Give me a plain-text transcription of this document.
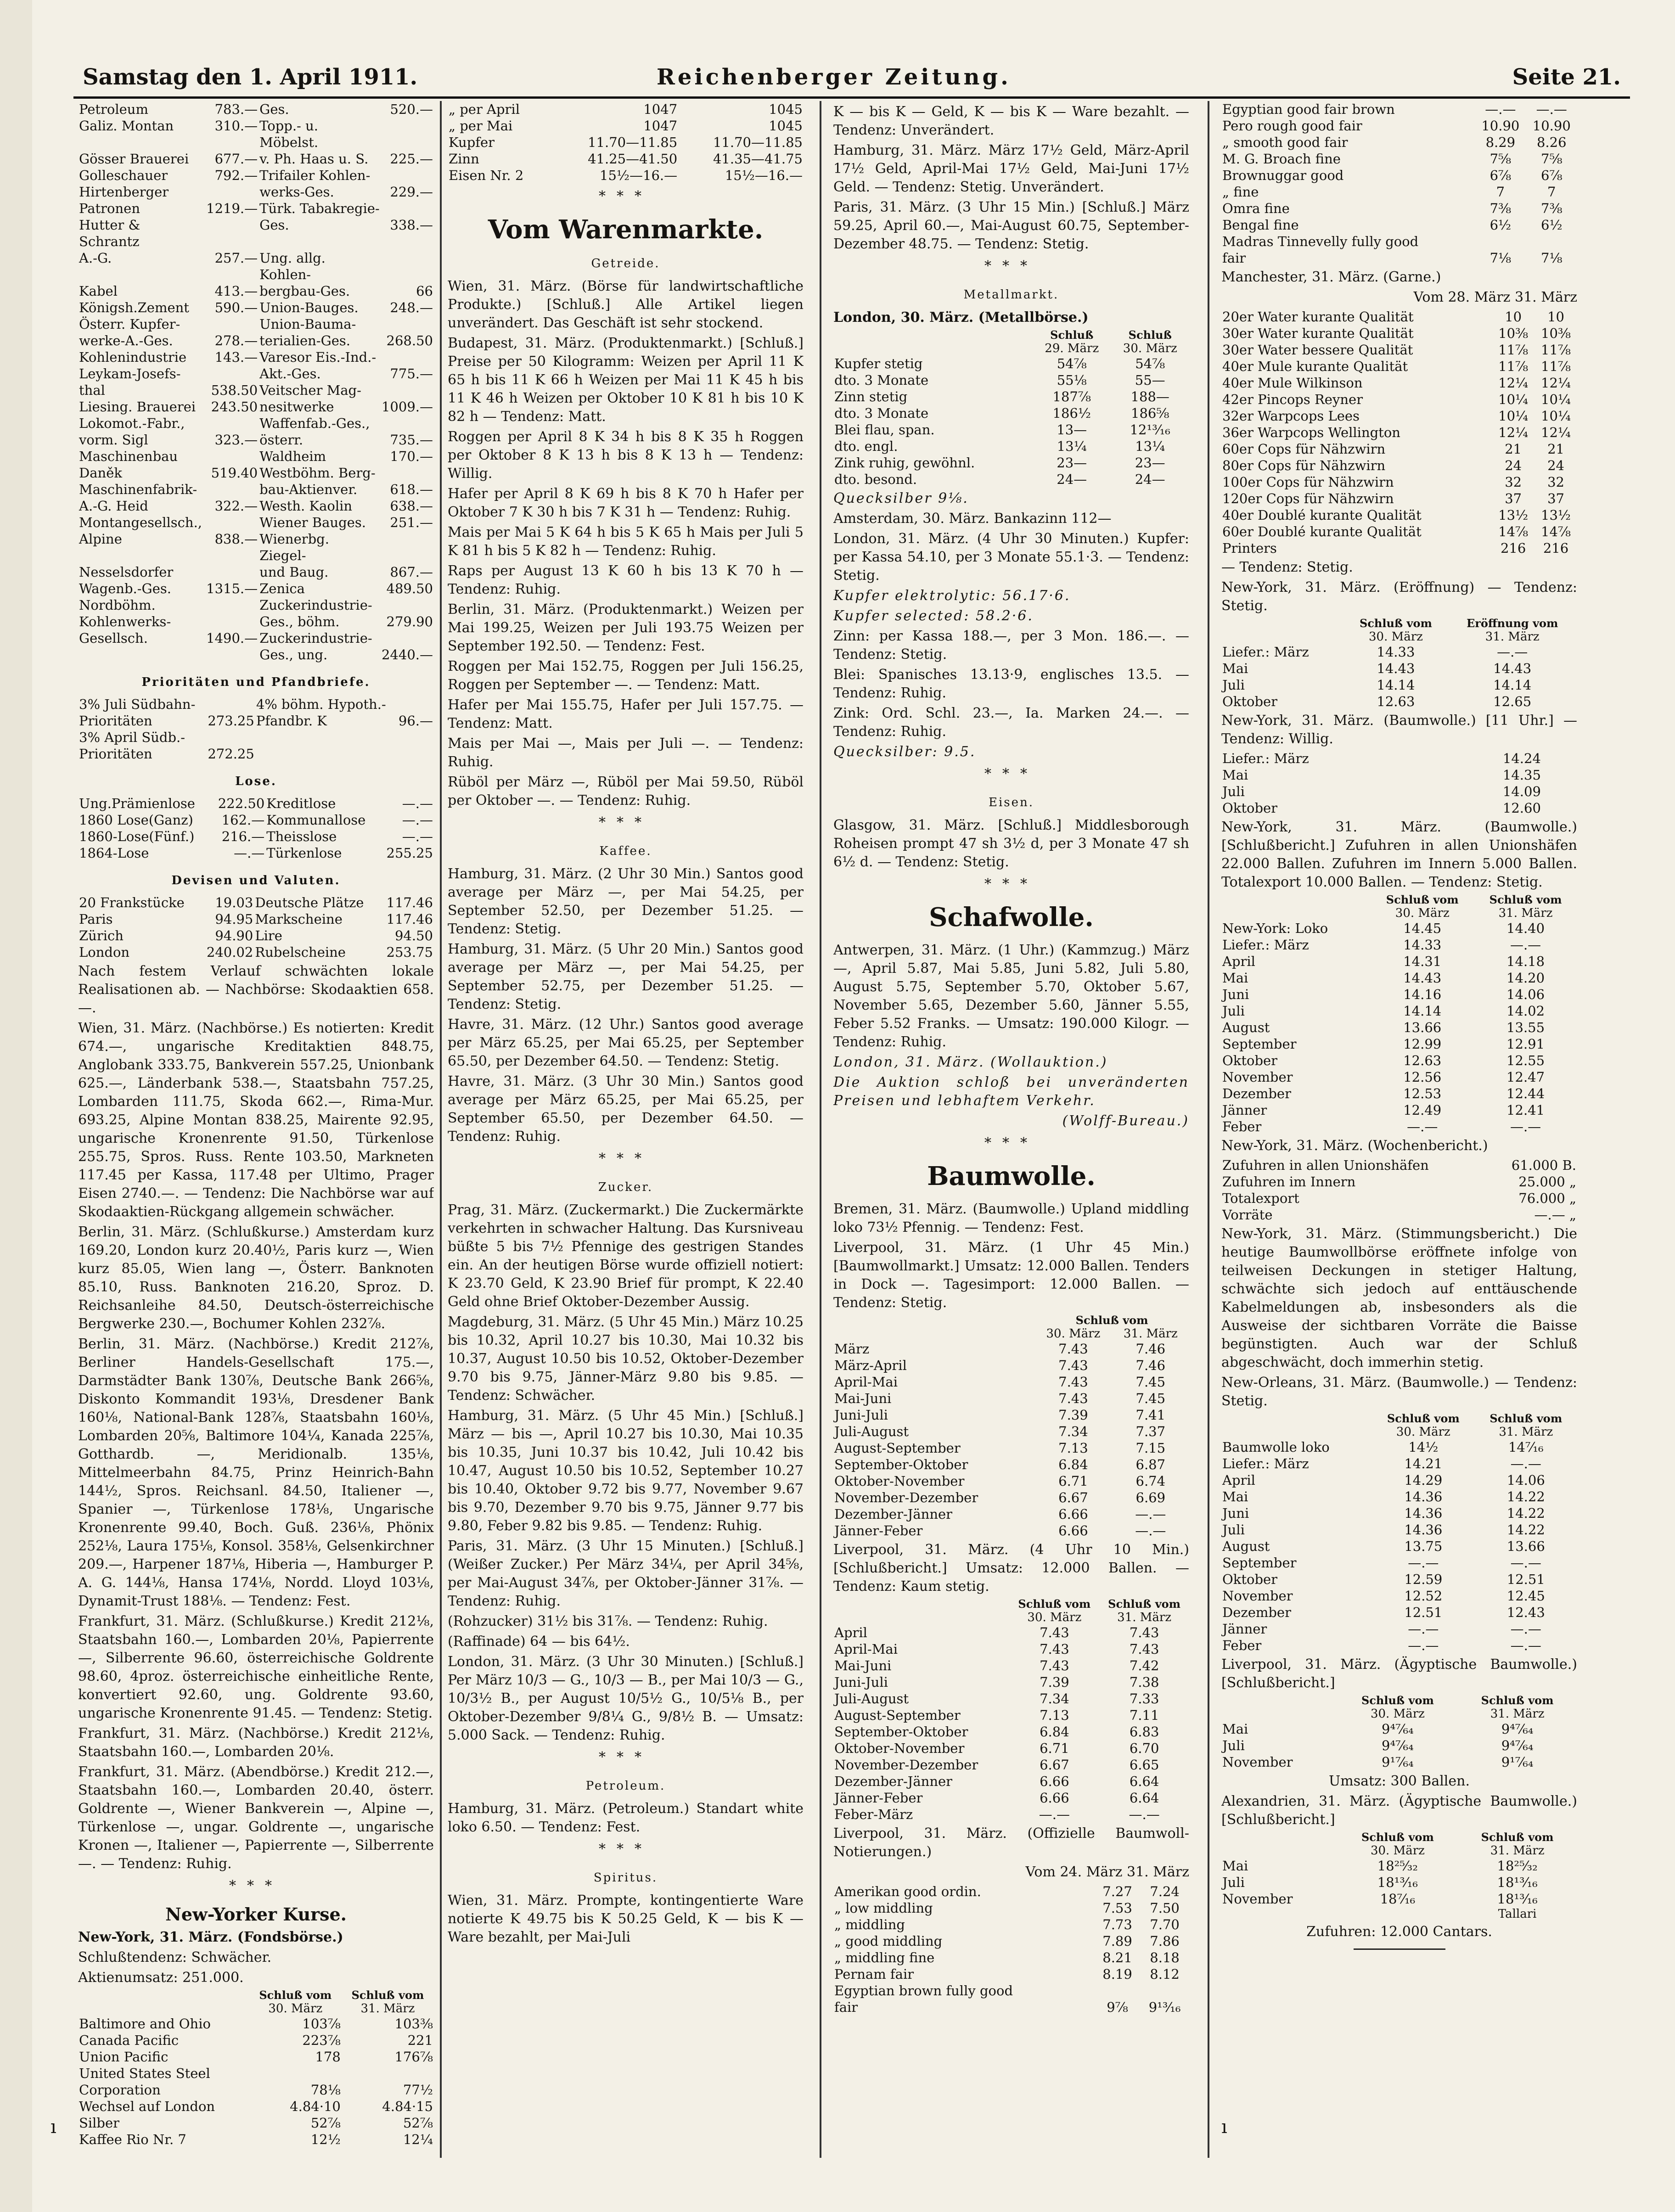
Samstag den 1. April 1911.	Reichenberger Zeitung.	Seite 21.
Petroleum	783.—	Ges.	520.—
Galiz. Montan	310.—	Topp.- u. Möbelst.	
Gösser Brauerei	677.—	v. Ph. Haas u. S.	225.—
Golleschauer	792.—	Trifailer Kohlen-	
Hirtenberger		werks-Ges.	229.—
Patronen	1219.—	Türk. Tabakregie-	
Hutter & Schrantz		Ges.	338.—
A.-G.	257.—	Ung. allg. Kohlen-	
Kabel	413.—	bergbau-Ges.	66
Königsh.Zement	590.—	Union-Bauges.	248.—
Österr. Kupfer-		Union-Bauma-	
werke-A.-Ges.	278.—	terialien-Ges.	268.50
Kohlenindustrie	143.—	Varesor Eis.-Ind.-	
Leykam-Josefs-		Akt.-Ges.	775.—
thal	538.50	Veitscher Mag-	
Liesing. Brauerei	243.50	nesitwerke	1009.—
Lokomot.-Fabr.,		Waffenfab.-Ges.,	
vorm. Sigl	323.—	österr.	735.—
Maschinenbau		Waldheim	170.—
Daněk	519.40	Westböhm. Berg-	
Maschinenfabrik-		bau-Aktienver.	618.—
A.-G. Heid	322.—	Westh. Kaolin	638.—
Montangesellsch.,		Wiener Bauges.	251.—
Alpine	838.—	Wienerbg. Ziegel-	
Nesselsdorfer		und Baug.	867.—
Wagenb.-Ges.	1315.—	Zenica	489.50
Nordböhm.		Zuckerindustrie-	
Kohlenwerks-		Ges., böhm.	279.90
Gesellsch.	1490.—	Zuckerindustrie-	
		Ges., ung.	2440.—
Prioritäten und Pfandbriefe.
3% Juli Südbahn-		4% böhm. Hypoth.-	
Prioritäten	273.25	Pfandbr. K	96.—
3% April Südb.-			
Prioritäten	272.25		
Lose.
Ung.Prämienlose	222.50	Kreditlose	—.—
1860 Lose(Ganz)	162.—	Kommunallose	—.—
1860-Lose(Fünf.)	216.—	Theisslose	—.—
1864-Lose	—.—	Türkenlose	255.25
Devisen und Valuten.
20 Frankstücke	19.03	Deutsche Plätze	117.46
Paris	94.95	Markscheine	117.46
Zürich	94.90	Lire	94.50
London	240.02	Rubelscheine	253.75
Nach festem Verlauf schwächten lokale Realisationen ab. — Nachbörse: Skodaaktien 658.—.
Wien, 31. März. (Nachbörse.) Es notierten: Kredit 674.—, ungarische Kreditaktien 848.75, Anglobank 333.75, Bankverein 557.25, Unionbank 625.—, Länderbank 538.—, Staatsbahn 757.25, Lombarden 111.75, Skoda 662.—, Rima-Mur. 693.25, Alpine Montan 838.25, Mairente 92.95, ungarische Kronenrente 91.50, Türkenlose 255.75, Spros. Russ. Rente 103.50, Markneten 117.45 per Kassa, 117.48 per Ultimo, Prager Eisen 2740.—. — Tendenz: Die Nachbörse war auf Skodaaktien-Rückgang allgemein schwächer.
Berlin, 31. März. (Schlußkurse.) Amsterdam kurz 169.20, London kurz 20.40½, Paris kurz —, Wien kurz 85.05, Wien lang —, Österr. Banknoten 85.10, Russ. Banknoten 216.20, Sproz. D. Reichsanleihe 84.50, Deutsch-österreichische Bergwerke 230.—, Bochumer Kohlen 232⅞.
Berlin, 31. März. (Nachbörse.) Kredit 212⅞, Berliner Handels-Gesellschaft 175.—, Darmstädter Bank 130⅞, Deutsche Bank 266⅝, Diskonto Kommandit 193⅛, Dresdener Bank 160⅛, National-Bank 128⅞, Staatsbahn 160⅛, Lombarden 20⅝, Baltimore 104¼, Kanada 225⅞, Gotthardb. —, Meridionalb. 135⅛, Mittelmeerbahn 84.75, Prinz Heinrich-Bahn 144½, Spros. Reichsanl. 84.50, Italiener —, Spanier —, Türkenlose 178⅛, Ungarische Kronenrente 99.40, Boch. Guß. 236⅛, Phönix 252⅛, Laura 175⅛, Konsol. 358⅛, Gelsenkirchner 209.—, Harpener 187⅛, Hiberia —, Hamburger P. A. G. 144⅛, Hansa 174⅛, Nordd. Lloyd 103⅛, Dynamit-Trust 188⅛. — Tendenz: Fest.
Frankfurt, 31. März. (Schlußkurse.) Kredit 212⅛, Staatsbahn 160.—, Lombarden 20⅛, Papierrente —, Silberrente 96.60, österreichische Goldrente 98.60, 4proz. österreichische einheitliche Rente, konvertiert 92.60, ung. Goldrente 93.60, ungarische Kronenrente 91.45. — Tendenz: Stetig.
Frankfurt, 31. März. (Nachbörse.) Kredit 212⅛, Staatsbahn 160.—, Lombarden 20⅛.
Frankfurt, 31. März. (Abendbörse.) Kredit 212.—, Staatsbahn 160.—, Lombarden 20.40, österr. Goldrente —, Wiener Bankverein —, Alpine —, Türkenlose —, ungar. Goldrente —, ungarische Kronen —, Italiener —, Papierrente —, Silberrente —. — Tendenz: Ruhig.
***
New-Yorker Kurse.
New-York, 31. März. (Fondsbörse.)
Schlußtendenz: Schwächer.
Aktienumsatz: 251.000.
	Schluß vom	Schluß vom
	30. März	31. März
Baltimore and Ohio	103⅞	103⅜
Canada Pacific	223⅞	221
Union Pacific	178	176⅞
United States Steel		
Corporation	78⅛	77½
Wechsel auf London	4.84·10	4.84·15
Silber	52⅞	52⅞
Kaffee Rio Nr. 7	12½	12¼
„ per April	1047	1045
„ per Mai	1047	1045
Kupfer	11.70—11.85	11.70—11.85
Zinn	41.25—41.50	41.35—41.75
Eisen Nr. 2	15½—16.—	15½—16.—
***
Vom Warenmarkte.
Getreide.
Wien, 31. März. (Börse für landwirtschaftliche Produkte.) [Schluß.] Alle Artikel liegen unverändert. Das Geschäft ist sehr stockend.
Budapest, 31. März. (Produktenmarkt.) [Schluß.] Preise per 50 Kilogramm: Weizen per April 11 K 65 h bis 11 K 66 h Weizen per Mai 11 K 45 h bis 11 K 46 h Weizen per Oktober 10 K 81 h bis 10 K 82 h — Tendenz: Matt.
Roggen per April 8 K 34 h bis 8 K 35 h Roggen per Oktober 8 K 13 h bis 8 K 13 h — Tendenz: Willig.
Hafer per April 8 K 69 h bis 8 K 70 h Hafer per Oktober 7 K 30 h bis 7 K 31 h — Tendenz: Ruhig.
Mais per Mai 5 K 64 h bis 5 K 65 h Mais per Juli 5 K 81 h bis 5 K 82 h — Tendenz: Ruhig.
Raps per August 13 K 60 h bis 13 K 70 h — Tendenz: Ruhig.
Berlin, 31. März. (Produktenmarkt.) Weizen per Mai 199.25, Weizen per Juli 193.75 Weizen per September 192.50. — Tendenz: Fest.
Roggen per Mai 152.75, Roggen per Juli 156.25, Roggen per September —. — Tendenz: Matt.
Hafer per Mai 155.75, Hafer per Juli 157.75. — Tendenz: Matt.
Mais per Mai —, Mais per Juli —. — Tendenz: Ruhig.
Rüböl per März —, Rüböl per Mai 59.50, Rüböl per Oktober —. — Tendenz: Ruhig.
***
Kaffee.
Hamburg, 31. März. (2 Uhr 30 Min.) Santos good average per März —, per Mai 54.25, per September 52.50, per Dezember 51.25. — Tendenz: Stetig.
Hamburg, 31. März. (5 Uhr 20 Min.) Santos good average per März —, per Mai 54.25, per September 52.75, per Dezember 51.25. — Tendenz: Stetig.
Havre, 31. März. (12 Uhr.) Santos good average per März 65.25, per Mai 65.25, per September 65.50, per Dezember 64.50. — Tendenz: Stetig.
Havre, 31. März. (3 Uhr 30 Min.) Santos good average per März 65.25, per Mai 65.25, per September 65.50, per Dezember 64.50. — Tendenz: Ruhig.
***
Zucker.
Prag, 31. März. (Zuckermarkt.) Die Zuckermärkte verkehrten in schwacher Haltung. Das Kursniveau büßte 5 bis 7½ Pfennige des gestrigen Standes ein. An der heutigen Börse wurde offiziell notiert: K 23.70 Geld, K 23.90 Brief für prompt, K 22.40 Geld ohne Brief Oktober-Dezember Aussig.
Magdeburg, 31. März. (5 Uhr 45 Min.) März 10.25 bis 10.32, April 10.27 bis 10.30, Mai 10.32 bis 10.37, August 10.50 bis 10.52, Oktober-Dezember 9.70 bis 9.75, Jänner-März 9.80 bis 9.85. — Tendenz: Schwächer.
Hamburg, 31. März. (5 Uhr 45 Min.) [Schluß.] März — bis —, April 10.27 bis 10.30, Mai 10.35 bis 10.35, Juni 10.37 bis 10.42, Juli 10.42 bis 10.47, August 10.50 bis 10.52, September 10.27 bis 10.40, Oktober 9.72 bis 9.77, November 9.67 bis 9.70, Dezember 9.70 bis 9.75, Jänner 9.77 bis 9.80, Feber 9.82 bis 9.85. — Tendenz: Ruhig.
Paris, 31. März. (3 Uhr 15 Minuten.) [Schluß.] (Weißer Zucker.) Per März 34¼, per April 34⅝, per Mai-August 34⅞, per Oktober-Jänner 31⅞. — Tendenz: Ruhig.
(Rohzucker) 31½ bis 31⅞. — Tendenz: Ruhig.
(Raffinade) 64 — bis 64½.
London, 31. März. (3 Uhr 30 Minuten.) [Schluß.] Per März 10/3 — G., 10/3 — B., per Mai 10/3 — G., 10/3½ B., per August 10/5½ G., 10/5⅛ B., per Oktober-Dezember 9/8¼ G., 9/8½ B. — Umsatz: 5.000 Sack. — Tendenz: Ruhig.
***
Petroleum.
Hamburg, 31. März. (Petroleum.) Standart white loko 6.50. — Tendenz: Fest.
***
Spiritus.
Wien, 31. März. Prompte, kontingentierte Ware notierte K 49.75 bis K 50.25 Geld, K — bis K — Ware bezahlt, per Mai-Juli
K — bis K — Geld, K — bis K — Ware bezahlt. — Tendenz: Unverändert.
Hamburg, 31. März. März 17½ Geld, März-April 17½ Geld, April-Mai 17½ Geld, Mai-Juni 17½ Geld. — Tendenz: Stetig. Unverändert.
Paris, 31. März. (3 Uhr 15 Min.) [Schluß.] März 59.25, April 60.—, Mai-August 60.75, September-Dezember 48.75. — Tendenz: Stetig.
***
Metallmarkt.
London, 30. März. (Metallbörse.)
	Schluß	Schluß
	29. März	30. März
Kupfer stetig	54⅞	54⅞
dto. 3 Monate	55⅛	55—
Zinn stetig	187⅞	188—
dto. 3 Monate	186½	186⅝
Blei flau, span.	13—	12¹³⁄₁₆
dto. engl.	13¼	13¼
Zink ruhig, gewöhnl.	23—	23—
dto. besond.	24—	24—
Quecksilber 9⅛.
Amsterdam, 30. März. Bankazinn 112—
London, 31. März. (4 Uhr 30 Minuten.) Kupfer: per Kassa 54.10, per 3 Monate 55.1·3. — Tendenz: Stetig.
Kupfer elektrolytic: 56.17·6.
Kupfer selected: 58.2·6.
Zinn: per Kassa 188.—, per 3 Mon. 186.—. — Tendenz: Stetig.
Blei: Spanisches 13.13·9, englisches 13.5. — Tendenz: Ruhig.
Zink: Ord. Schl. 23.—, Ia. Marken 24.—. — Tendenz: Ruhig.
Quecksilber: 9.5.
***
Eisen.
Glasgow, 31. März. [Schluß.] Middlesborough Roheisen prompt 47 sh 3½ d, per 3 Monate 47 sh 6½ d. — Tendenz: Stetig.
***
Schafwolle.
Antwerpen, 31. März. (1 Uhr.) (Kammzug.) März —, April 5.87, Mai 5.85, Juni 5.82, Juli 5.80, August 5.75, September 5.70, Oktober 5.67, November 5.65, Dezember 5.60, Jänner 5.55, Feber 5.52 Franks. — Umsatz: 190.000 Kilogr. — Tendenz: Ruhig.
London, 31. März. (Wollauktion.)
Die Auktion schloß bei unveränderten Preisen und lebhaftem Verkehr.
(Wolff-Bureau.)
***
Baumwolle.
Bremen, 31. März. (Baumwolle.) Upland middling loko 73½ Pfennig. — Tendenz: Fest.
Liverpool, 31. März. (1 Uhr 45 Min.) [Baumwollmarkt.] Umsatz: 12.000 Ballen. Tenders in Dock —. Tagesimport: 12.000 Ballen. — Tendenz: Stetig.
	Schluß vom	
	30. März	31. März
März	7.43	7.46
März-April	7.43	7.46
April-Mai	7.43	7.45
Mai-Juni	7.43	7.45
Juni-Juli	7.39	7.41
Juli-August	7.34	7.37
August-September	7.13	7.15
September-Oktober	6.84	6.87
Oktober-November	6.71	6.74
November-Dezember	6.67	6.69
Dezember-Jänner	6.66	—.—
Jänner-Feber	6.66	—.—
Liverpool, 31. März. (4 Uhr 10 Min.) [Schlußbericht.] Umsatz: 12.000 Ballen. — Tendenz: Kaum stetig.
	Schluß vom	Schluß vom
	30. März	31. März
April	7.43	7.43
April-Mai	7.43	7.43
Mai-Juni	7.43	7.42
Juni-Juli	7.39	7.38
Juli-August	7.34	7.33
August-September	7.13	7.11
September-Oktober	6.84	6.83
Oktober-November	6.71	6.70
November-Dezember	6.67	6.65
Dezember-Jänner	6.66	6.64
Jänner-Feber	6.66	6.64
Feber-März	—.—	—.—
Liverpool, 31. März. (Offizielle Baumwoll-Notierungen.)
Vom 24. März 31. März
Amerikan good ordin.	7.27	7.24
„ low middling	7.53	7.50
„ middling	7.73	7.70
„ good middling	7.89	7.86
„ middling fine	8.21	8.18
Pernam fair	8.19	8.12
Egyptian brown fully good		
fair	9⅞	9¹³⁄₁₆
Egyptian good fair brown	—.—	—.—
Pero rough good fair	10.90	10.90
„ smooth good fair	8.29	8.26
M. G. Broach fine	7⅝	7⅝
Brownuggar good	6⅞	6⅞
„ fine	7	7
Omra fine	7⅜	7⅜
Bengal fine	6½	6½
Madras Tinnevelly fully good		
fair	7⅛	7⅛
Manchester, 31. März. (Garne.)
Vom 28. März 31. März
20er Water kurante Qualität	10	10
30er Water kurante Qualität	10⅜	10⅜
30er Water bessere Qualität	11⅞	11⅞
40er Mule kurante Qualität	11⅞	11⅞
40er Mule Wilkinson	12¼	12¼
42er Pincops Reyner	10¼	10¼
32er Warpcops Lees	10¼	10¼
36er Warpcops Wellington	12¼	12¼
60er Cops für Nähzwirn	21	21
80er Cops für Nähzwirn	24	24
100er Cops für Nähzwirn	32	32
120er Cops für Nähzwirn	37	37
40er Doublé kurante Qualität	13½	13½
60er Doublé kurante Qualität	14⅞	14⅞
Printers	216	216
— Tendenz: Stetig.
New-York, 31. März. (Eröffnung) — Tendenz: Stetig.
	Schluß vom	Eröffnung vom
	30. März	31. März
Liefer.: März	14.33	—.—
Mai	14.43	14.43
Juli	14.14	14.14
Oktober	12.63	12.65
New-York, 31. März. (Baumwolle.) [11 Uhr.] — Tendenz: Willig.
Liefer.: März	14.24
Mai	14.35
Juli	14.09
Oktober	12.60
New-York, 31. März. (Baumwolle.) [Schlußbericht.] Zufuhren in allen Unionshäfen 22.000 Ballen. Zufuhren im Innern 5.000 Ballen. Totalexport 10.000 Ballen. — Tendenz: Stetig.
	Schluß vom	Schluß vom
	30. März	31. März
New-York: Loko	14.45	14.40
Liefer.: März	14.33	—.—
April	14.31	14.18
Mai	14.43	14.20
Juni	14.16	14.06
Juli	14.14	14.02
August	13.66	13.55
September	12.99	12.91
Oktober	12.63	12.55
November	12.56	12.47
Dezember	12.53	12.44
Jänner	12.49	12.41
Feber	—.—	—.—
New-York, 31. März. (Wochenbericht.)
Zufuhren in allen Unionshäfen	61.000 B.
Zufuhren im Innern	25.000 „
Totalexport	76.000 „
Vorräte	—.— „
New-York, 31. März. (Stimmungsbericht.) Die heutige Baumwollbörse eröffnete infolge von teilweisen Deckungen in stetiger Haltung, schwächte sich jedoch auf enttäuschende Kabelmeldungen ab, insbesonders als die Ausweise der sichtbaren Vorräte die Baisse begünstigten. Auch war der Schluß abgeschwächt, doch immerhin stetig.
New-Orleans, 31. März. (Baumwolle.) — Tendenz: Stetig.
	Schluß vom	Schluß vom
	30. März	31. März
Baumwolle loko	14½	14⁷⁄₁₆
Liefer.: März	14.21	—.—
April	14.29	14.06
Mai	14.36	14.22
Juni	14.36	14.22
Juli	14.36	14.22
August	13.75	13.66
September	—.—	—.—
Oktober	12.59	12.51
November	12.52	12.45
Dezember	12.51	12.43
Jänner	—.—	—.—
Feber	—.—	—.—
Liverpool, 31. März. (Ägyptische Baumwolle.) [Schlußbericht.]
	Schluß vom	Schluß vom
	30. März	31. März
Mai	9⁴⁷⁄₆₄	9⁴⁷⁄₆₄
Juli	9⁴⁷⁄₆₄	9⁴⁷⁄₆₄
November	9¹⁷⁄₆₄	9¹⁷⁄₆₄
Umsatz: 300 Ballen.
Alexandrien, 31. März. (Ägyptische Baumwolle.) [Schlußbericht.]
	Schluß vom	Schluß vom
	30. März	31. März
Mai	18²⁵⁄₃₂	18²⁵⁄₃₂
Juli	18¹³⁄₁₆	18¹³⁄₁₆
November	18⁷⁄₁₆	18¹³⁄₁₆
		Tallari
Zufuhren: 12.000 Cantars.
ı	ı
